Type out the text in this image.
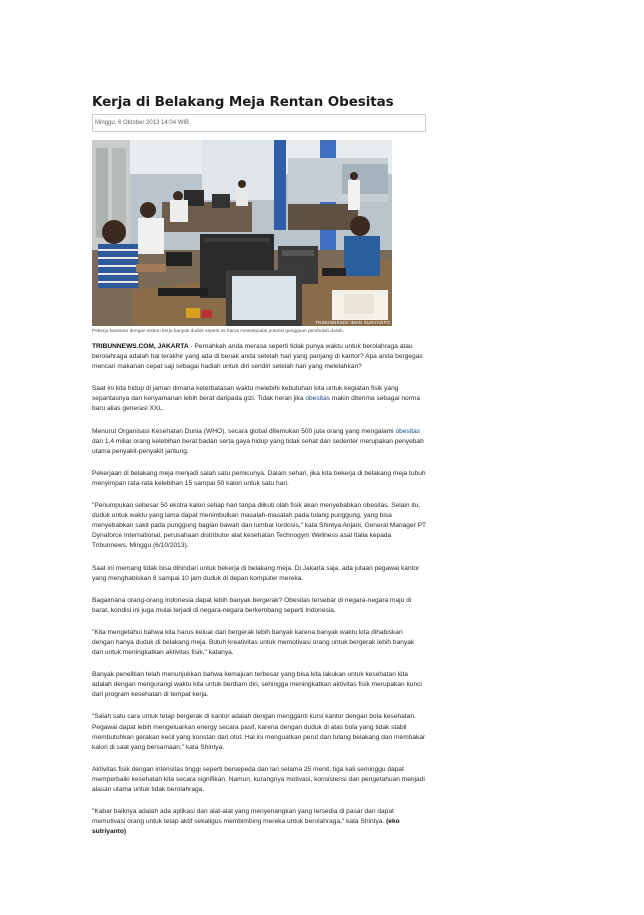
Kerja di Belakang Meja Rentan Obesitas
Minggu, 6 Oktober 2013 14:04 WIB
TRIBUNNEWS/ IMAN SURYANTO
Pekerja kantoran dengan sistem kerja banyak duduk seperti ini harus mewaspadai potensi gangguan pembuluh darah.

TRIBUNNEWS.COM, JAKARTA - Pernahkah anda merasa seperti tidak punya waktu untuk berolahraga atau berolahraga adalah hal terakhir yang ada di benak anda setelah hari yang panjang di kantor? Apa anda bergegas mencari makanan cepat saji sebagai hadiah untuk diri sendiri setelah hari yang melelahkan?

Saat ini kita hidup di jaman dimana keterbatasan waktu melebihi kebutuhan kita untuk kegiatan fisik yang sepantasnya dan kenyamanan lebih berat daripada gizi. Tidak heran jika obesitas makin diterima sebagai norma baru alias generasi XXL.

Menurut Organisasi Kesehatan Dunia (WHO), secara global ditemukan 500 juta orang yang mengalami obesitas dan 1,4 miliar orang kelebihan berat badan serta gaya hidup yang tidak sehat dan sedenter merupakan penyebab utama penyakit-penyakit jantung.

Pekerjaan di belakang meja menjadi salah satu pemicunya. Dalam sehari, jika kita bekerja di belakang meja tubuh menyimpan rata-rata kelebihan 15 sampai 50 kalori untuk satu hari.

"Penumpukan sebesar 50 ekstra kalori setiap hari tanpa diikuti olah fisik akan menyebabkan obesitas. Selain itu, duduk untuk waktu yang lama dapat menimbulkan masalah-masalah pada tulang punggung, yang bisa menyebabkan sakit pada punggung bagian bawah dan lumbar lordosis," kata Shintya Anjani, General Manager PT Dynaforce International, perusahaan distributor alat kesehatan Technogym Wellness asal Italia kepada Tribunnews, Minggu (6/10/2013).

Saat ini memang tidak bisa dihindari untuk bekerja di belakang meja. Di Jakarta saja, ada jutaan pegawai kantor yang menghabiskan 8 sampai 10 jam duduk di depan komputer mereka.

Bagaimana orang-orang Indonesia dapat lebih banyak bergerak? Obesitas tersebar di negara-negara maju di barat, kondisi ini juga mulai terjadi di negara-negara berkembang seperti Indonesia.

"Kita mengetahui bahwa kita harus keluar dan bergerak lebih banyak karena banyak waktu kita dihabiskan dengan hanya duduk di belakang meja. Butuh kreativitas untuk memotivasi orang untuk bergerak lebih banyak dan untuk meningkatkan aktivitas fisik," katanya.

Banyak penelitian telah menunjukkan bahwa kemajuan terbesar yang bisa kita lakukan untuk kesehatan kita adalah dengan mengurangi waktu kita untuk berdiam diri, sehingga meningkatkan aktivitas fisik merupakan kunci dari program kesehatan di tempat kerja.

"Salah satu cara untuk tetap bergerak di kantor adalah dengan mengganti kursi kantor dengan bola kesehatan. Pegawai dapat lebih mengeluarkan energy secara pasif, karena dengan duduk di atas bola yang tidak stabil membutuhkan gerakan kecil yang konstan dari otot. Hal ini menguatkan perut dan tulang belakang dan membakar kalori di saat yang bersamaan," kata Shintya.

Aktivitas fisik dengan intensitas tinggi seperti bersepeda dan lari selama 25 menit, tiga kali seminggu dapat memperbaiki kesehatan kita secara signifikan. Namun, kurangnya motivasi, konsistensi dan pengetahuan menjadi alasan utama untuk tidak berolahraga.

"Kabar baiknya adalah ada aplikasi dan alat-alat yang menyenangkan yang tersedia di pasar dan dapat memotivasi orang untuk tetap aktif sekaligus membimbing mereka untuk berolahraga," kata Shintya. (eko sutriyanto)
